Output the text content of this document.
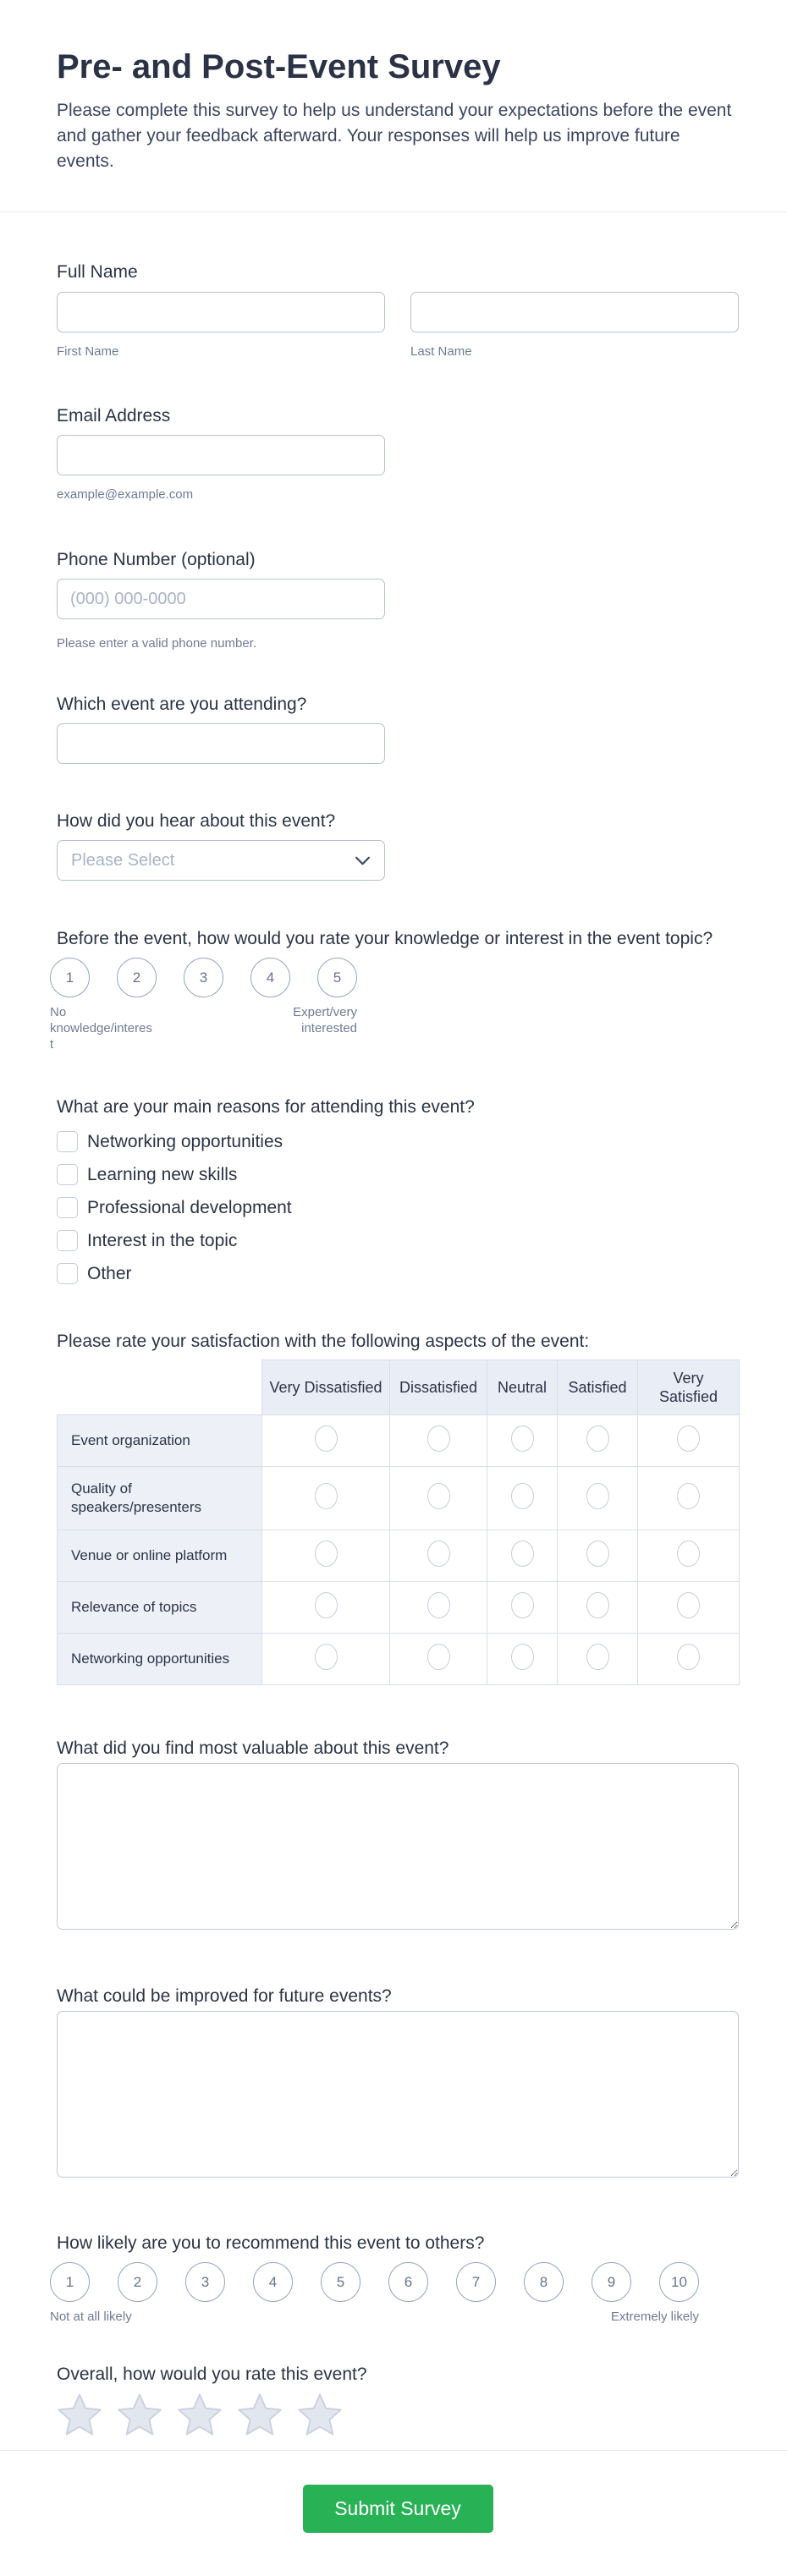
Pre- and Post-Event Survey

Please complete this survey to help us understand your expectations before the event and gather your feedback afterward. Your responses will help us improve future events.

Full Name
First Name	Last Name
Email Address
example@example.com
Phone Number (optional)
(000) 000-0000
Please enter a valid phone number.
Which event are you attending?
How did you hear about this event?
Please Select
Before the event, how would you rate your knowledge or interest in the event topic?
1	2	3	4	5
No knowledge/interest
Expert/very interested
What are your main reasons for attending this event?
Networking opportunities
Learning new skills
Professional development
Interest in the topic
Other
Please rate your satisfaction with the following aspects of the event:
	Very Dissatisfied	Dissatisfied	Neutral	Satisfied	Very Satisfied
Event organization					
Quality of speakers/presenters					
Venue or online platform					
Relevance of topics					
Networking opportunities					
What did you find most valuable about this event?
What could be improved for future events?
How likely are you to recommend this event to others?
1	2	3	4	5	6	7	8	9	10
Not at all likely	Extremely likely
Overall, how would you rate this event?
Submit Survey
